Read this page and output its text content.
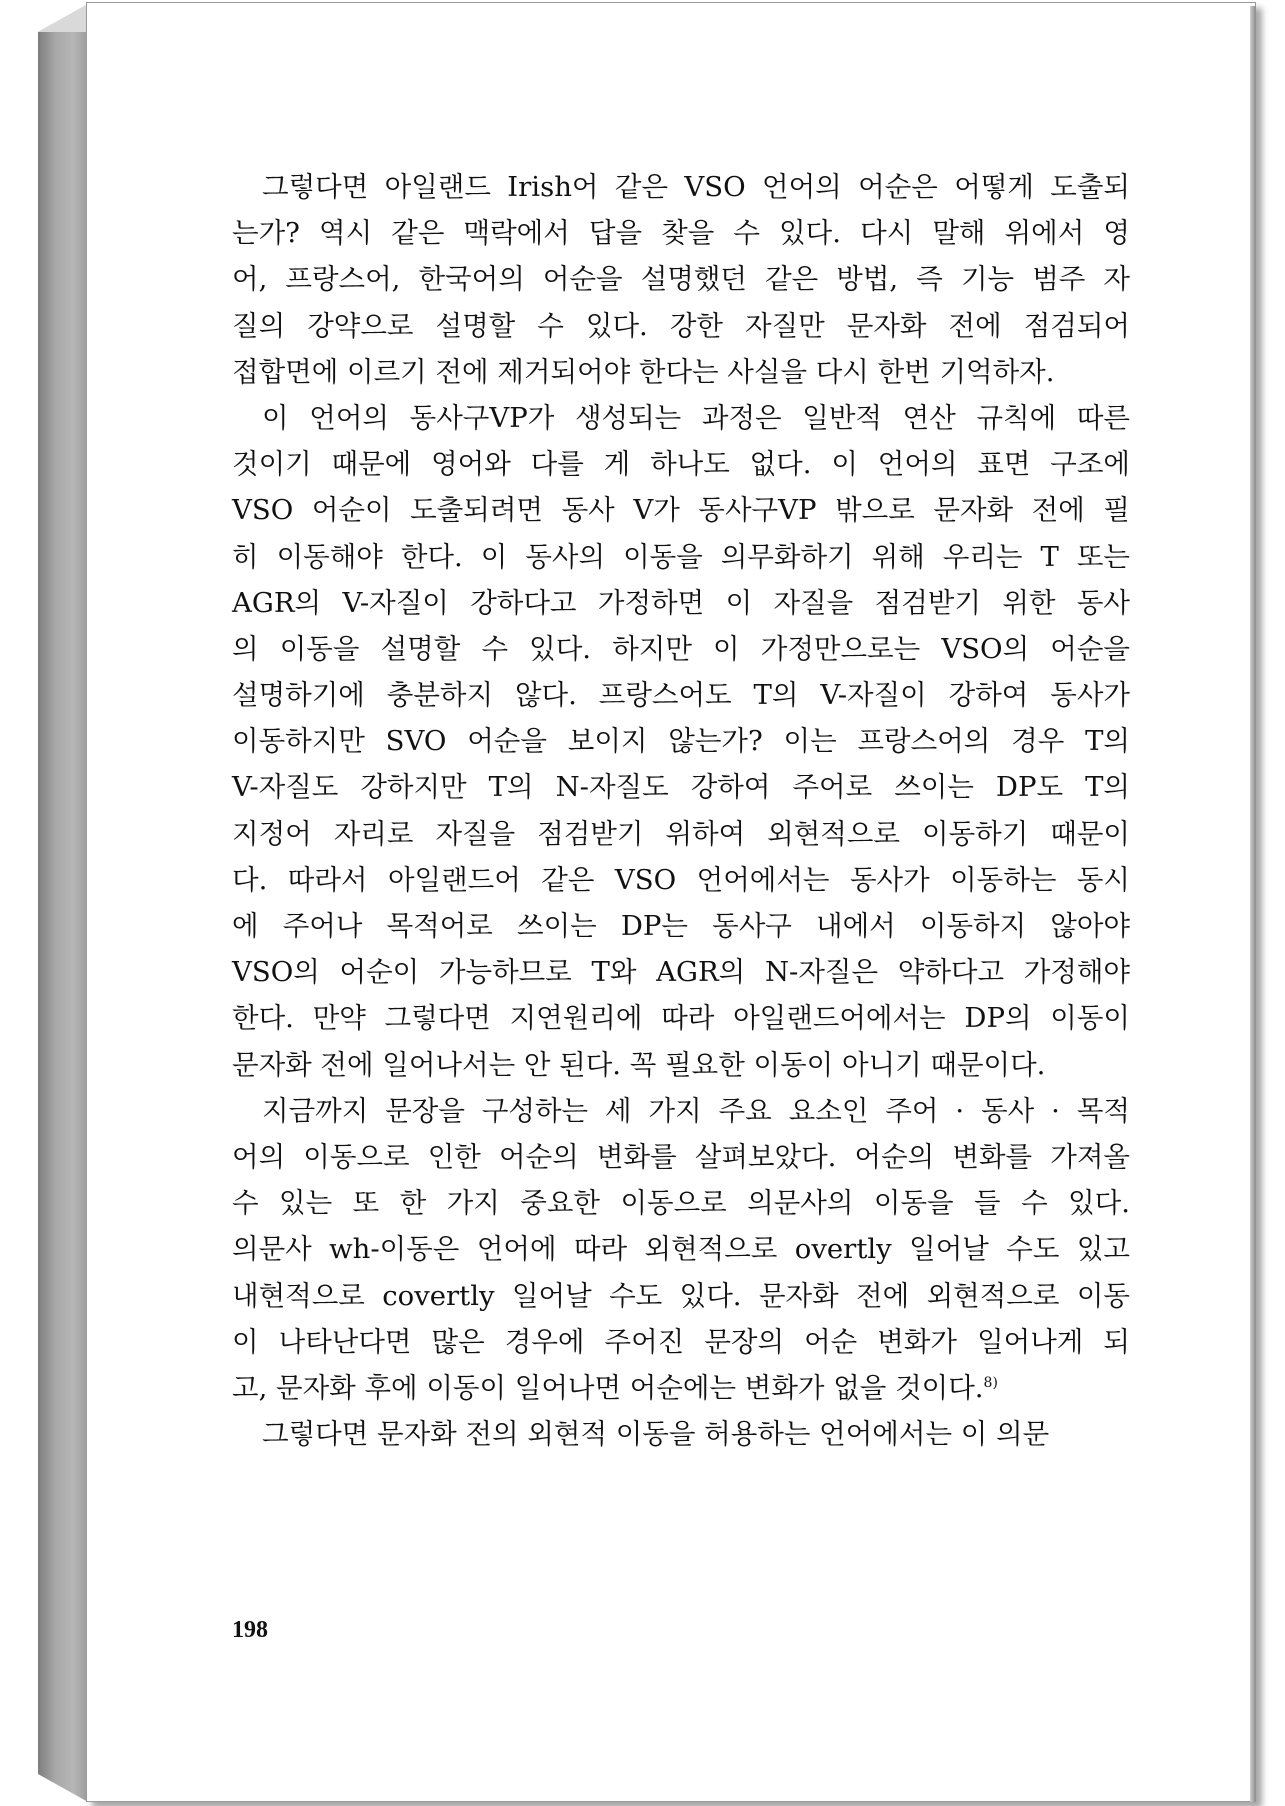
그렇다면 아일랜드 Irish어 같은 VSO 언어의 어순은 어떻게 도출되
는가? 역시 같은 맥락에서 답을 찾을 수 있다. 다시 말해 위에서 영
어, 프랑스어, 한국어의 어순을 설명했던 같은 방법, 즉 기능 범주 자
질의 강약으로 설명할 수 있다. 강한 자질만 문자화 전에 점검되어
접합면에 이르기 전에 제거되어야 한다는 사실을 다시 한번 기억하자.
이 언어의 동사구VP가 생성되는 과정은 일반적 연산 규칙에 따른
것이기 때문에 영어와 다를 게 하나도 없다. 이 언어의 표면 구조에
VSO 어순이 도출되려면 동사 V가 동사구VP 밖으로 문자화 전에 필
히 이동해야 한다. 이 동사의 이동을 의무화하기 위해 우리는 T 또는
AGR의 V-자질이 강하다고 가정하면 이 자질을 점검받기 위한 동사
의 이동을 설명할 수 있다. 하지만 이 가정만으로는 VSO의 어순을
설명하기에 충분하지 않다. 프랑스어도 T의 V-자질이 강하여 동사가
이동하지만 SVO 어순을 보이지 않는가? 이는 프랑스어의 경우 T의
V-자질도 강하지만 T의 N-자질도 강하여 주어로 쓰이는 DP도 T의
지정어 자리로 자질을 점검받기 위하여 외현적으로 이동하기 때문이
다. 따라서 아일랜드어 같은 VSO 언어에서는 동사가 이동하는 동시
에 주어나 목적어로 쓰이는 DP는 동사구 내에서 이동하지 않아야
VSO의 어순이 가능하므로 T와 AGR의 N-자질은 약하다고 가정해야
한다. 만약 그렇다면 지연원리에 따라 아일랜드어에서는 DP의 이동이
문자화 전에 일어나서는 안 된다. 꼭 필요한 이동이 아니기 때문이다.
지금까지 문장을 구성하는 세 가지 주요 요소인 주어 · 동사 · 목적
어의 이동으로 인한 어순의 변화를 살펴보았다. 어순의 변화를 가져올
수 있는 또 한 가지 중요한 이동으로 의문사의 이동을 들 수 있다.
의문사 wh-이동은 언어에 따라 외현적으로 overtly 일어날 수도 있고
내현적으로 covertly 일어날 수도 있다. 문자화 전에 외현적으로 이동
이 나타난다면 많은 경우에 주어진 문장의 어순 변화가 일어나게 되
고, 문자화 후에 이동이 일어나면 어순에는 변화가 없을 것이다.$^{8)}$
그렇다면 문자화 전의 외현적 이동을 허용하는 언어에서는 이 의문
198
